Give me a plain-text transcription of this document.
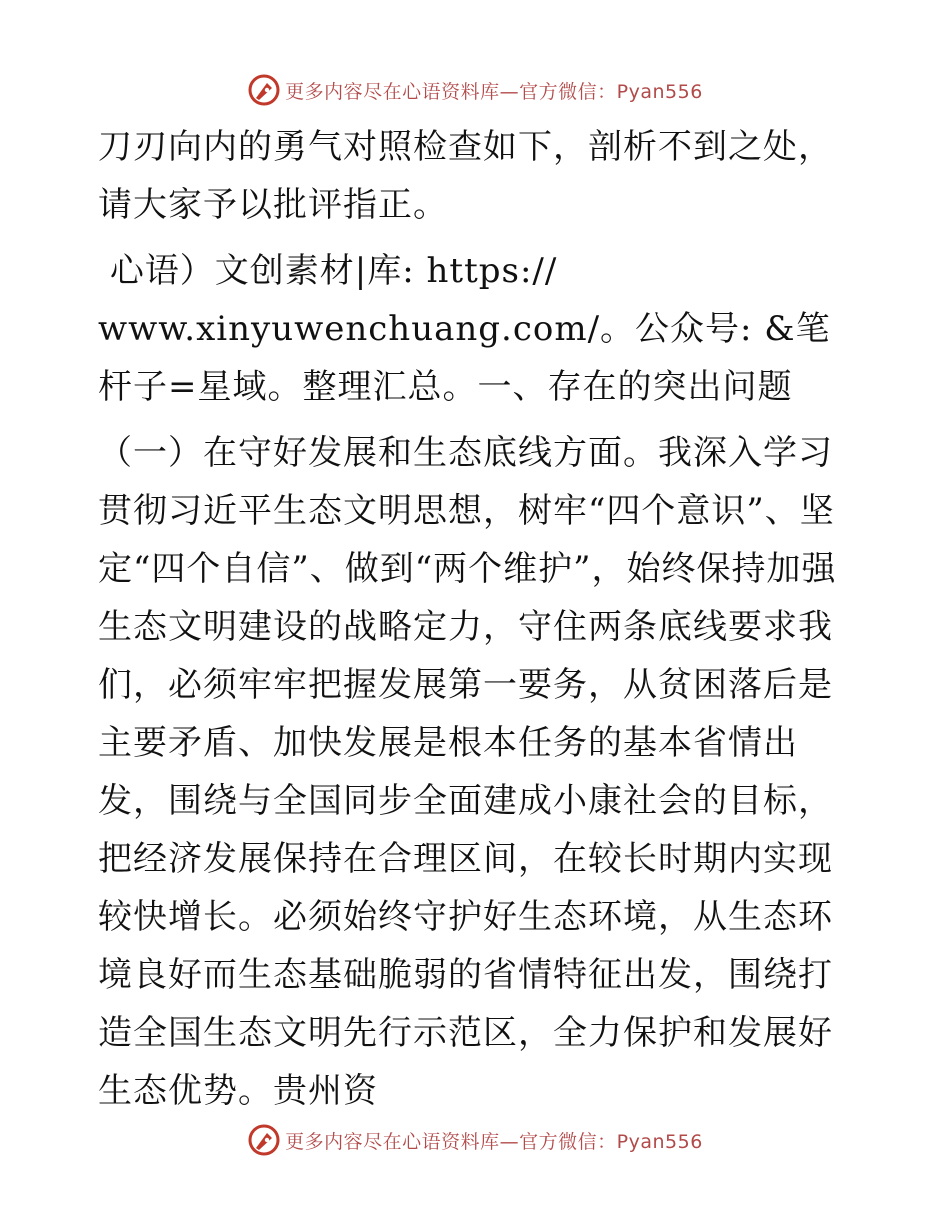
更多内容尽在心语资料库—官方微信：Pyan556

刀刃向内的勇气对照检查如下，剖析不到之处，请大家予以批评指正。

心语）文创素材|库: https://
www.xinyuwenchuang.com/。公众号: &笔杆子=星域。整理汇总。一、存在的突出问题

（一）在守好发展和生态底线方面。我深入学习贯彻习近平生态文明思想，树牢“四个意识”、坚定“四个自信”、做到“两个维护”，始终保持加强生态文明建设的战略定力，守住两条底线要求我们，必须牢牢把握发展第一要务，从贫困落后是主要矛盾、加快发展是根本任务的基本省情出发，围绕与全国同步全面建成小康社会的目标，把经济发展保持在合理区间，在较长时期内实现较快增长。必须始终守护好生态环境，从生态环境良好而生态基础脆弱的省情特征出发，围绕打造全国生态文明先行示范区，全力保护和发展好生态优势。贵州资

更多内容尽在心语资料库—官方微信：Pyan556
